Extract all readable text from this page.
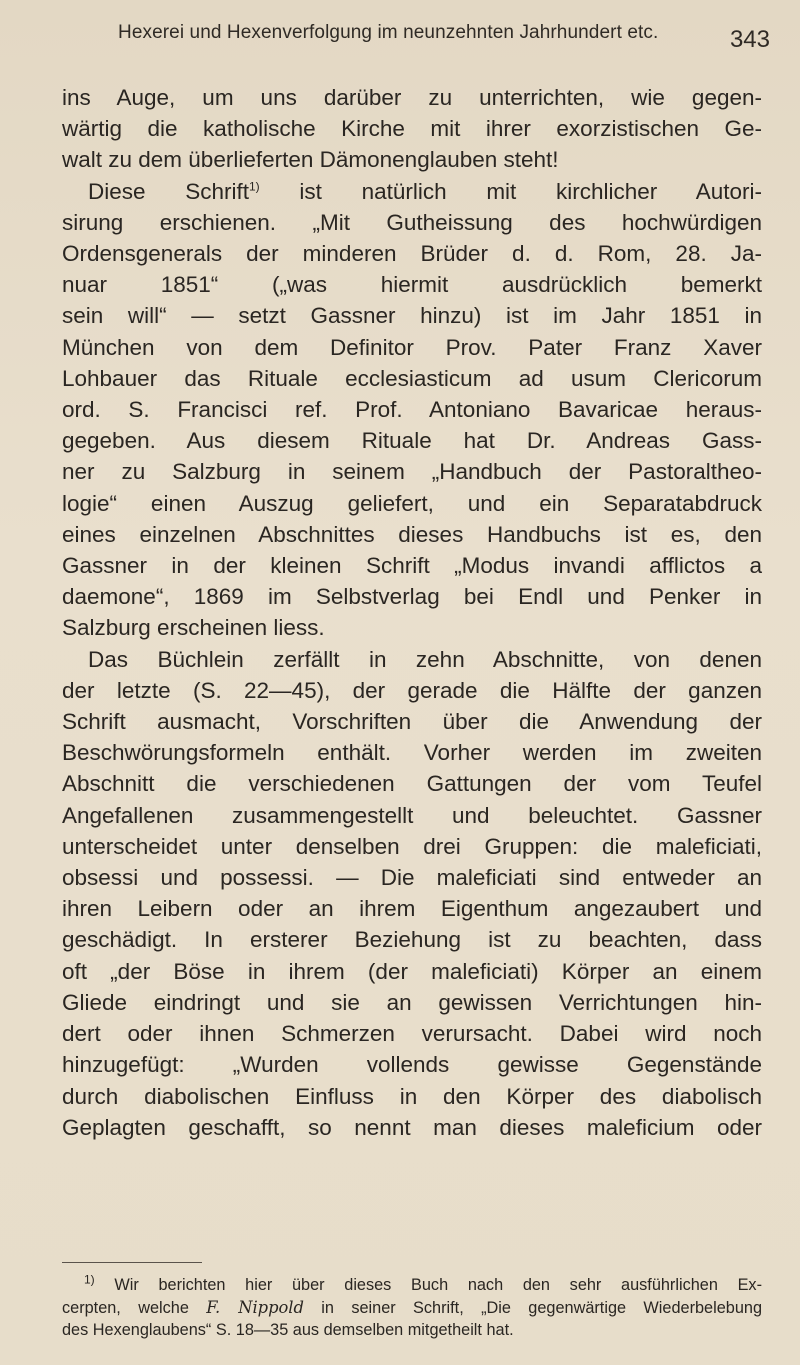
Hexerei und Hexenverfolgung im neunzehnten Jahrhundert etc.	343
ins Auge, um uns darüber zu unterrichten, wie gegen-
wärtig die katholische Kirche mit ihrer exorzistischen Ge-
walt zu dem überlieferten Dämonenglauben steht!
Diese Schrift$^{1)}$ ist natürlich mit kirchlicher Autori-
sirung erschienen. „Mit Gutheissung des hochwürdigen
Ordensgenerals der minderen Brüder d. d. Rom, 28. Ja-
nuar 1851“ („was hiermit ausdrücklich bemerkt
sein will“ — setzt Gassner hinzu) ist im Jahr 1851 in
München von dem Definitor Prov. Pater Franz Xaver
Lohbauer das Rituale ecclesiasticum ad usum Clericorum
ord. S. Francisci ref. Prof. Antoniano Bavaricae heraus-
gegeben. Aus diesem Rituale hat Dr. Andreas Gass-
ner zu Salzburg in seinem „Handbuch der Pastoraltheo-
logie“ einen Auszug geliefert, und ein Separatabdruck
eines einzelnen Abschnittes dieses Handbuchs ist es, den
Gassner in der kleinen Schrift „Modus invandi afflictos a
daemone“, 1869 im Selbstverlag bei Endl und Penker in
Salzburg erscheinen liess.
Das Büchlein zerfällt in zehn Abschnitte, von denen
der letzte (S. 22—45), der gerade die Hälfte der ganzen
Schrift ausmacht, Vorschriften über die Anwendung der
Beschwörungsformeln enthält. Vorher werden im zweiten
Abschnitt die verschiedenen Gattungen der vom Teufel
Angefallenen zusammengestellt und beleuchtet. Gassner
unterscheidet unter denselben drei Gruppen: die maleficiati,
obsessi und possessi. — Die maleficiati sind entweder an
ihren Leibern oder an ihrem Eigenthum angezaubert und
geschädigt. In ersterer Beziehung ist zu beachten, dass
oft „der Böse in ihrem (der maleficiati) Körper an einem
Gliede eindringt und sie an gewissen Verrichtungen hin-
dert oder ihnen Schmerzen verursacht. Dabei wird noch
hinzugefügt: „Wurden vollends gewisse Gegenstände
durch diabolischen Einfluss in den Körper des diabolisch
Geplagten geschafft, so nennt man dieses maleficium oder
$^{1)}$ Wir berichten hier über dieses Buch nach den sehr ausführlichen Ex-
cerpten, welche F. Nippold in seiner Schrift, „Die gegenwärtige Wiederbelebung
des Hexenglaubens“ S. 18—35 aus demselben mitgetheilt hat.
